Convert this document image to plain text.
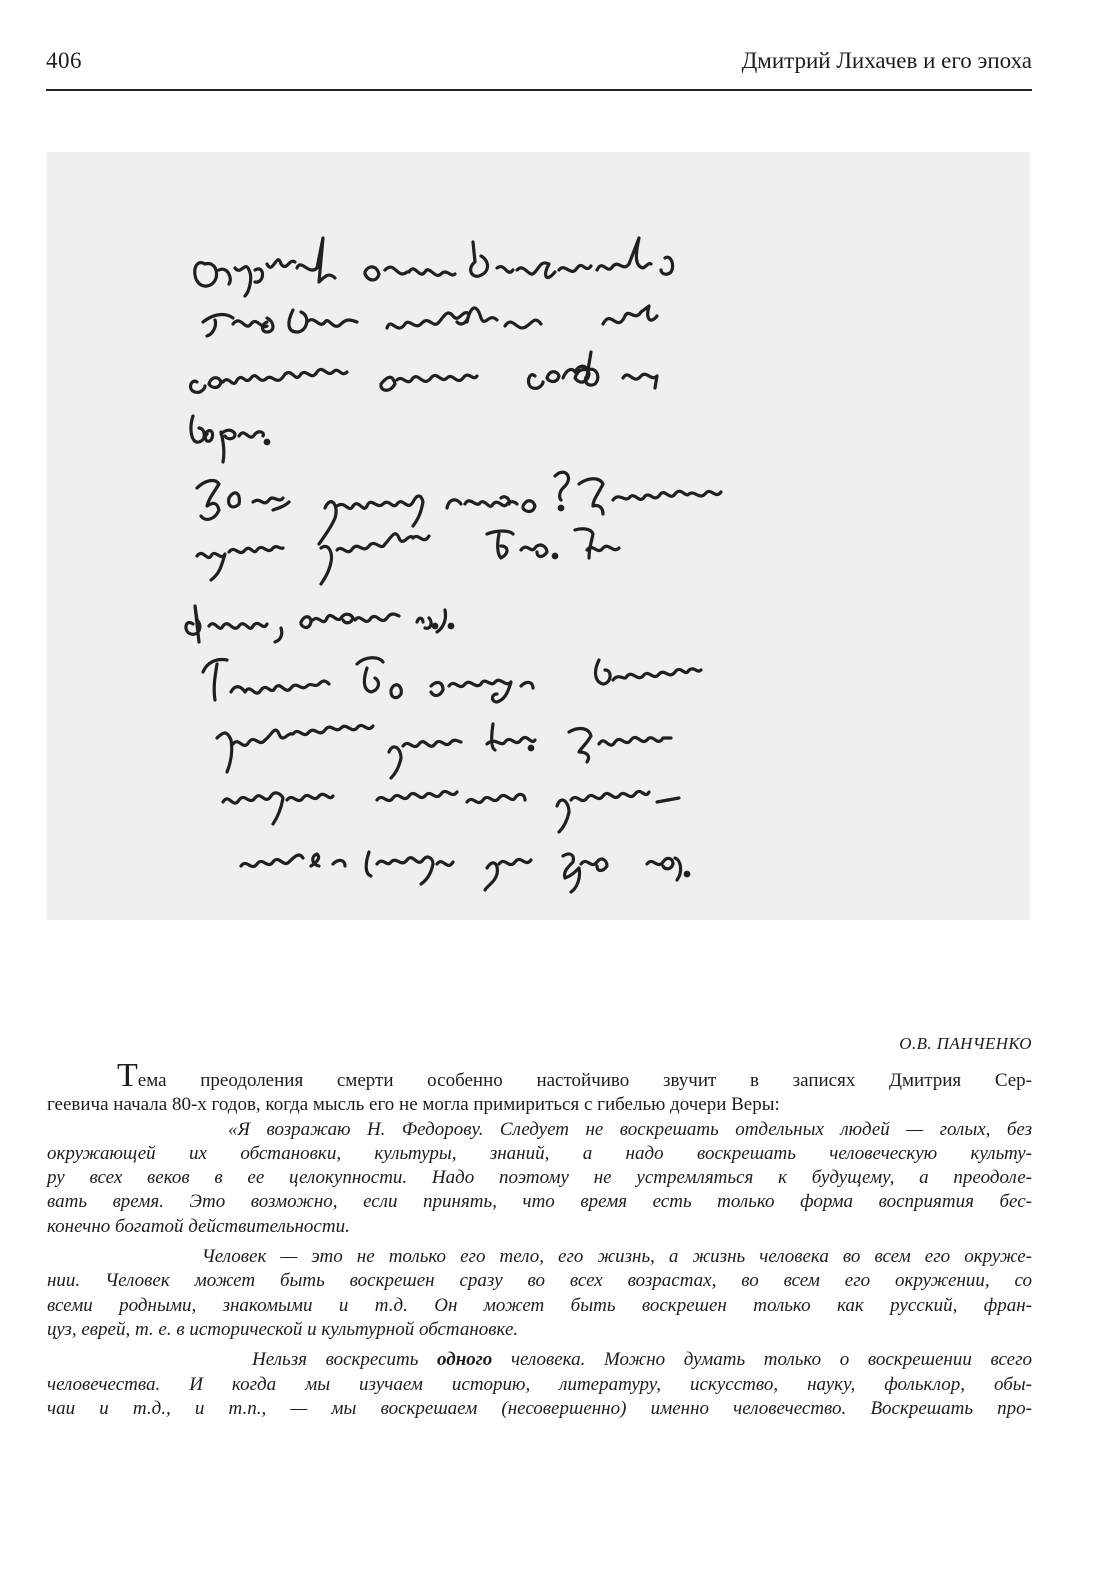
406	Дмитрий Лихачев и его эпоха
О.В. ПАНЧЕНКО

Тема преодоления смерти особенно настойчиво звучит в записях Дмитрия Сер-
геевича начала 80-х годов, когда мысль его не могла примириться с гибелью дочери Веры:

«Я возражаю Н. Федорову. Следует не воскрешать отдельных людей — голых, без
окружающей их обстановки, культуры, знаний, а надо воскрешать человеческую культу-
ру всех веков в ее целокупности. Надо поэтому не устремляться к будущему, а преодоле-
вать время. Это возможно, если принять, что время есть только форма восприятия бес-
конечно богатой действительности.

Человек — это не только его тело, его жизнь, а жизнь человека во всем его окруже-
нии. Человек может быть воскрешен сразу во всех возрастах, во всем его окружении, со
всеми родными, знакомыми и т.д. Он может быть воскрешен только как русский, фран-
цуз, еврей, т. е. в исторической и культурной обстановке.

Нельзя воскресить одного человека. Можно думать только о воскрешении всего
человечества. И когда мы изучаем историю, литературу, искусство, науку, фольклор, обы-
чаи и т.д., и т.п., — мы воскрешаем (несовершенно) именно человечество. Воскрешать про-
